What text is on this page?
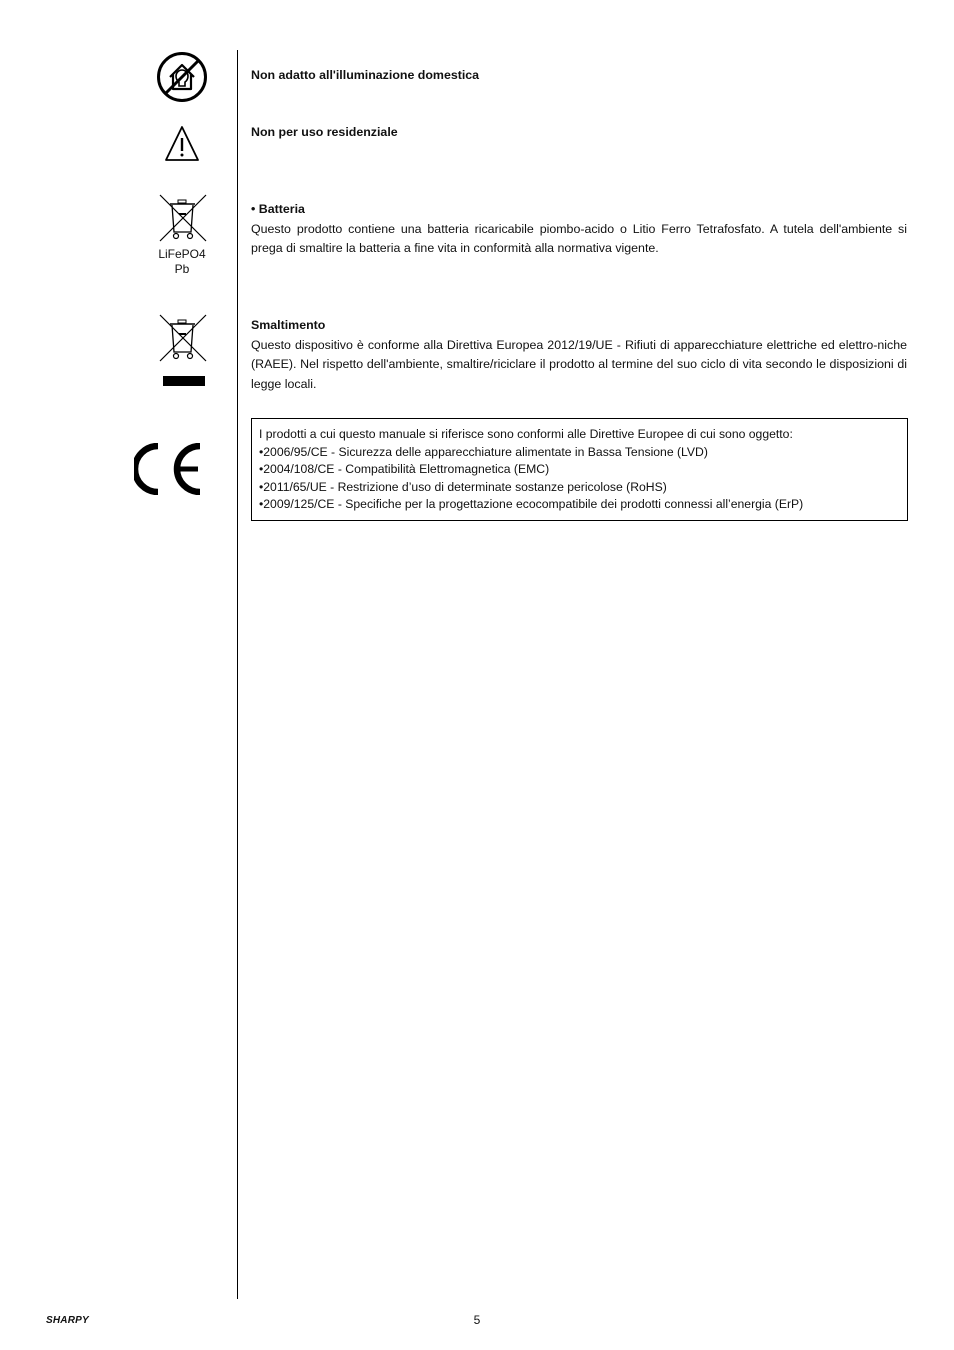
LiFePO4
Pb
Non adatto all'illuminazione domestica
Non per uso residenziale
• Batteria
Questo prodotto contiene una batteria ricaricabile piombo-acido o Litio Ferro Tetrafosfato. A tutela dell'ambiente si prega di smaltire la batteria a fine vita in conformità alla normativa vigente.
Smaltimento
Questo dispositivo è conforme alla Direttiva Europea 2012/19/UE - Rifiuti di apparecchiature elettriche ed elettro-niche (RAEE). Nel rispetto dell'ambiente, smaltire/riciclare il prodotto al termine del suo ciclo di vita secondo le disposizioni di legge locali.
I prodotti a cui questo manuale si riferisce sono conformi alle Direttive Europee di cui sono oggetto:
• 2006/95/CE - Sicurezza delle apparecchiature alimentate in Bassa Tensione (LVD)
• 2004/108/CE - Compatibilità Elettromagnetica (EMC)
• 2011/65/UE - Restrizione d’uso di determinate sostanze pericolose (RoHS)
• 2009/125/CE - Specifiche per la progettazione ecocompatibile dei prodotti connessi all’energia (ErP)
SHARPY	5
